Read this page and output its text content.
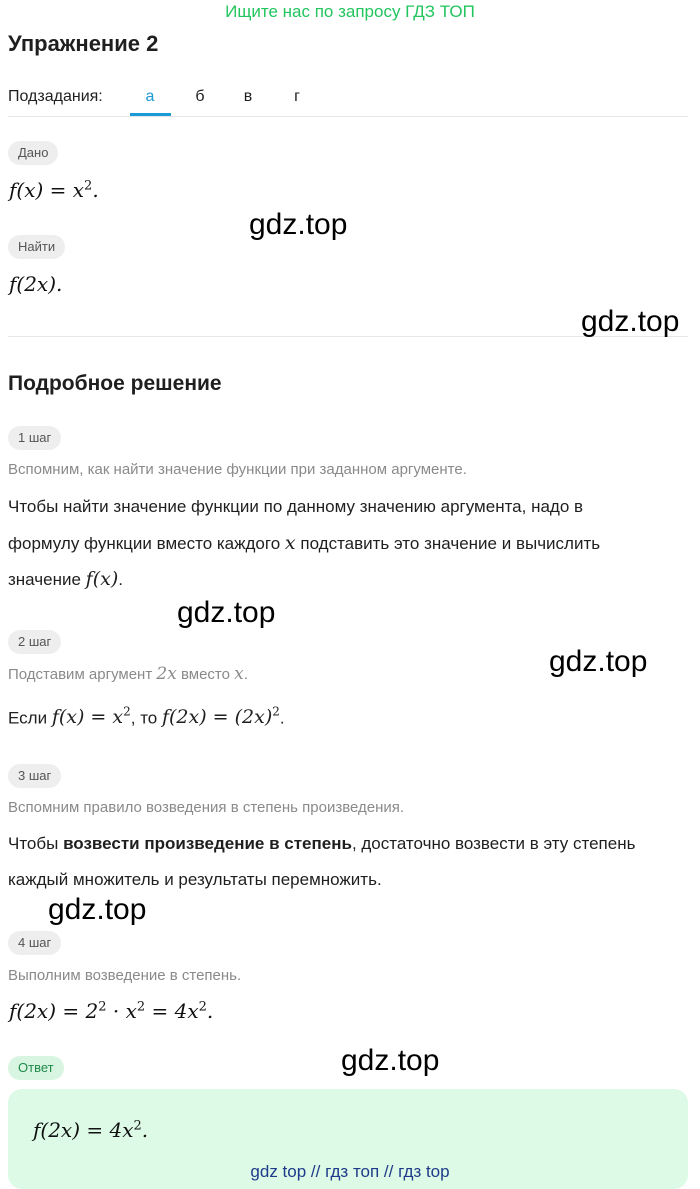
Ищите нас по запросу ГДЗ ТОП
Упражнение 2
Подзадания:	а	б	в	г
Дано
$f(x) = x^2$.
Найти
f(2x).
Подробное решение
1 шаг
Вспомним, как найти значение функции при заданном аргументе.
Чтобы найти значение функции по данному значению аргумента, надо в
формулу функции вместо каждого x подставить это значение и вычислить
значение f(x).
2 шаг
Подставим аргумент 2x вместо x.
Если $f(x) = x^2$, то $f(2x) = (2x)^2$.
3 шаг
Вспомним правило возведения в степень произведения.
Чтобы возвести произведение в степень, достаточно возвести в эту степень
каждый множитель и результаты перемножить.
4 шаг
Выполним возведение в степень.
$f(2x) = 2^2 \cdot x^2 = 4x^2$.
Ответ
$f(2x) = 4x^2$.
gdz.top
gdz.top
gdz.top
gdz.top
gdz.top
gdz.top
gdz top // гдз топ // гдз top
